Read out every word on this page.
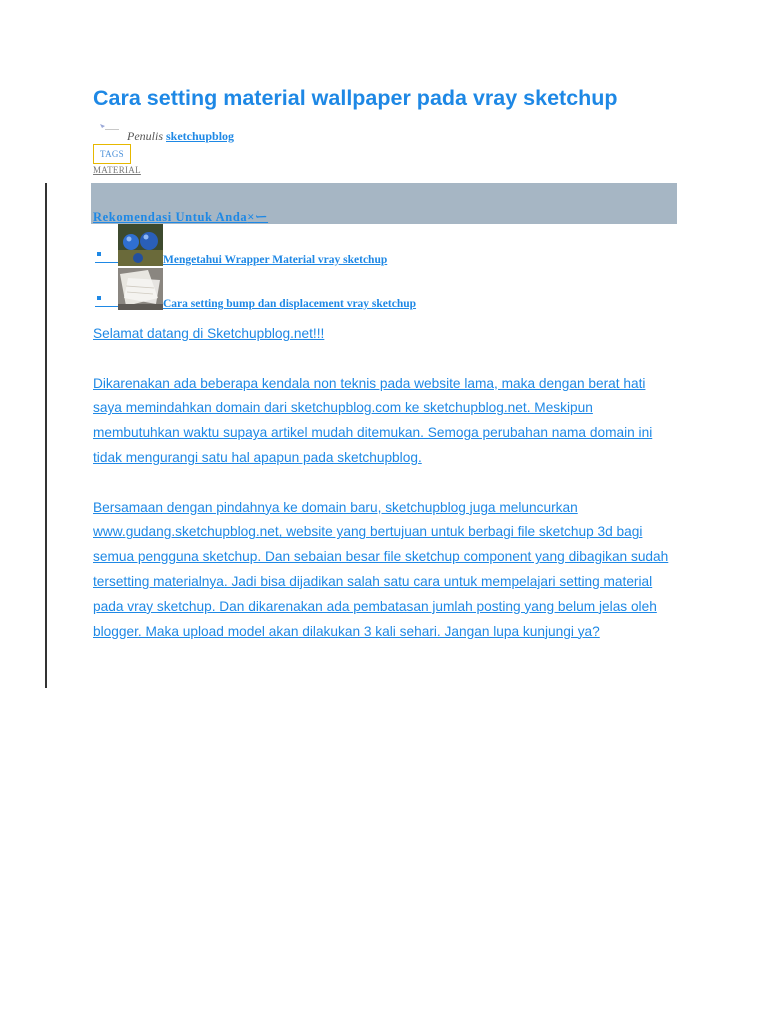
Cara setting material wallpaper pada vray sketchup
Penulis sketchupblog
TAGS
MATERIAL
Rekomendasi Untuk Anda×ー
Mengetahui Wrapper Material vray sketchup
Cara setting bump dan displacement vray sketchup

Selamat datang di Sketchupblog.net!!!

Dikarenakan ada beberapa kendala non teknis pada website lama, maka dengan berat hati saya memindahkan domain dari sketchupblog.com ke sketchupblog.net. Meskipun membutuhkan waktu supaya artikel mudah ditemukan. Semoga perubahan nama domain ini tidak mengurangi satu hal apapun pada sketchupblog.

Bersamaan dengan pindahnya ke domain baru, sketchupblog juga meluncurkan www.gudang.sketchupblog.net, website yang bertujuan untuk berbagi file sketchup 3d bagi semua pengguna sketchup. Dan sebaian besar file sketchup component yang dibagikan sudah tersetting materialnya. Jadi bisa dijadikan salah satu cara untuk mempelajari setting material pada vray sketchup. Dan dikarenakan ada pembatasan jumlah posting yang belum jelas oleh blogger. Maka upload model akan dilakukan 3 kali sehari. Jangan lupa kunjungi ya?
